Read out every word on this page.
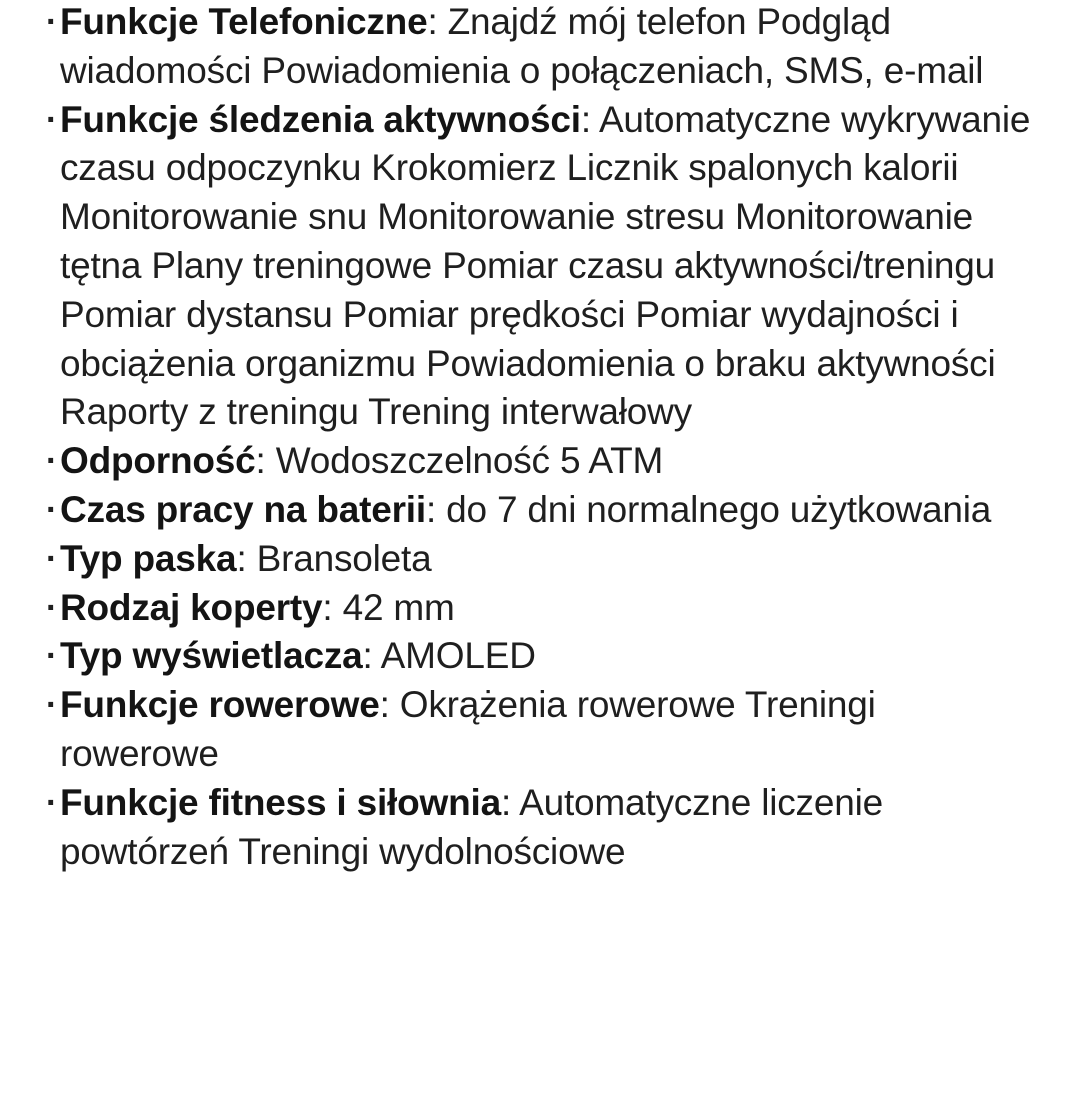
· Funkcje Telefoniczne: Znajdź mój telefon Podgląd wiadomości Powiadomienia o połączeniach, SMS, e-mail
· Funkcje śledzenia aktywności: Automatyczne wykrywanie czasu odpoczynku Krokomierz Licznik spalonych kalorii Monitorowanie snu Monitorowanie stresu Monitorowanie tętna Plany treningowe Pomiar czasu aktywności/treningu Pomiar dystansu Pomiar prędkości Pomiar wydajności i obciążenia organizmu Powiadomienia o braku aktywności Raporty z treningu Trening interwałowy
· Odporność: Wodoszczelność 5 ATM
· Czas pracy na baterii: do 7 dni normalnego użytkowania
· Typ paska: Bransoleta
· Rodzaj koperty: 42 mm
· Typ wyświetlacza: AMOLED
· Funkcje rowerowe: Okrążenia rowerowe Treningi rowerowe
· Funkcje fitness i siłownia: Automatyczne liczenie powtórzeń Treningi wydolnościowe
